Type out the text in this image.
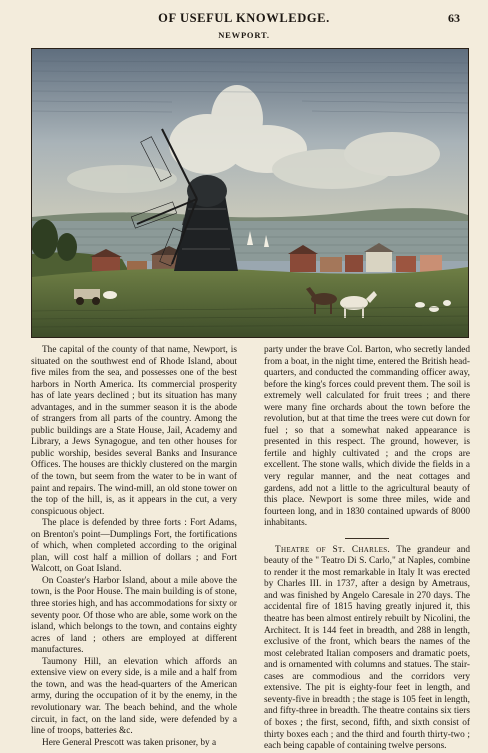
OF USEFUL KNOWLEDGE.	63
NEWPORT.

The capital of the county of that name, Newport, is situated on the southwest end of Rhode Island, about five miles from the sea, and possesses one of the best harbors in North America. Its commercial prosperity has of late years declined ; but its situation has many advantages, and in the summer season it is the abode of strangers from all parts of the country. Among the public buildings are a State House, Jail, Academy and Library, a Jews Synagogue, and ten other houses for public worship, besides several Banks and Insurance Offices. The houses are thickly clustered on the margin of the town, but seem from the water to be in want of paint and repairs. The wind-mill, an old stone tower on the top of the hill, is, as it appears in the cut, a very conspicuous object.

The place is defended by three forts : Fort Adams, on Brenton's point—Dumplings Fort, the fortifications of which, when completed according to the original plan, will cost half a million of dollars ; and Fort Walcott, on Goat Island.

On Coaster's Harbor Island, about a mile above the town, is the Poor House. The main building is of stone, three stories high, and has accommodations for sixty or seventy poor. Of those who are able, some work on the island, which belongs to the town, and contains eighty acres of land ; others are employed at different manufactures.

Taumony Hill, an elevation which affords an extensive view on every side, is a mile and a half from the town, and was the head-quarters of the American army, during the occupation of it by the enemy, in the revolutionary war. The beach behind, and the whole circuit, in fact, on the land side, were defended by a line of troops, batteries &c.

Here General Prescott was taken prisoner, by a

party under the brave Col. Barton, who secretly landed from a boat, in the night time, entered the British head-quarters, and conducted the commanding officer away, before the king's forces could prevent them. The soil is extremely well calculated for fruit trees ; and there were many fine orchards about the town before the revolution, but at that time the trees were cut down for fuel ; so that a somewhat naked appearance is presented in this respect. The ground, however, is fertile and highly cultivated ; and the crops are excellent. The stone walls, which divide the fields in a very regular manner, and the neat cottages and gardens, add not a little to the agricultural beauty of this place. Newport is some three miles, wide and fourteen long, and in 1830 contained upwards of 8000 inhabitants.

Theatre of St. Charles. The grandeur and beauty of the " Teatro Di S. Carlo," at Naples, combine to render it the most remarkable in Italy It was erected by Charles III. in 1737, after a design by Ametraus, and was finished by Angelo Caresale in 270 days. The accidental fire of 1815 having greatly injured it, this theatre has been almost entirely rebuilt by Nicolini, the Architect. It is 144 feet in breadth, and 288 in length, exclusive of the front, which bears the names of the most celebrated Italian composers and dramatic poets, and is ornamented with columns and statues. The stair-cases are commodious and the corridors very extensive. The pit is eighty-four feet in length, and seventy-five in breadth ; the stage is 105 feet in length, and fifty-three in breadth. The theatre contains six tiers of boxes ; the first, second, fifth, and sixth consist of thirty boxes each ; and the third and fourth thirty-two ; each being capable of containing twelve persons.
